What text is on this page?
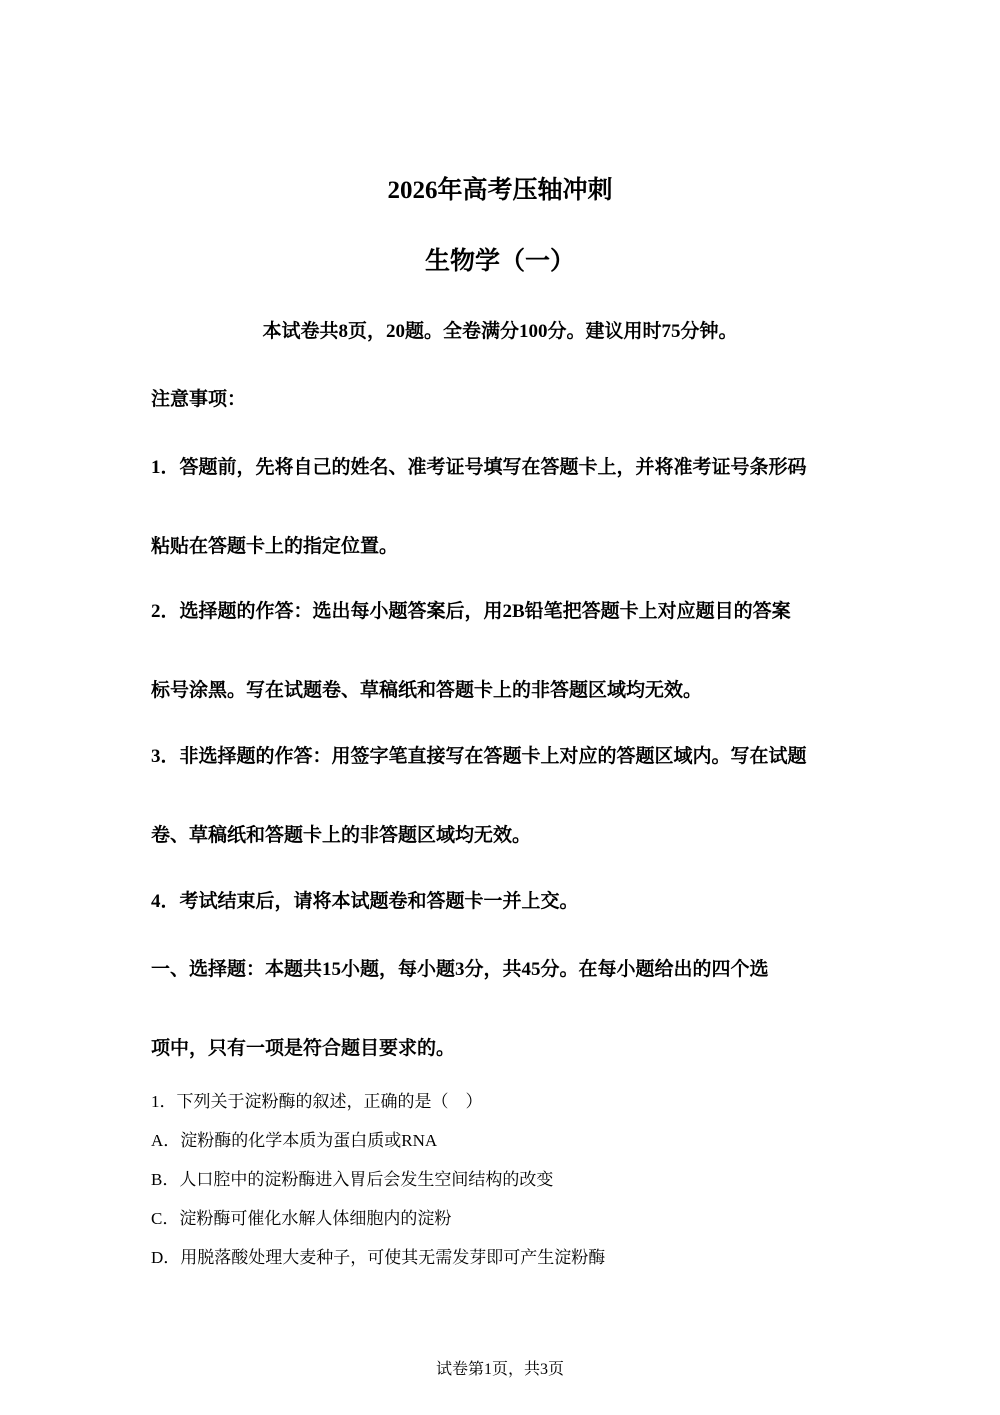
2026年高考压轴冲刺
生物学（一）
本试卷共8页，20题。全卷满分100分。建议用时75分钟。
注意事项：
1．答题前，先将自己的姓名、准考证号填写在答题卡上，并将准考证号条形码
粘贴在答题卡上的指定位置。
2．选择题的作答：选出每小题答案后，用2B铅笔把答题卡上对应题目的答案
标号涂黑。写在试题卷、草稿纸和答题卡上的非答题区域均无效。
3．非选择题的作答：用签字笔直接写在答题卡上对应的答题区域内。写在试题
卷、草稿纸和答题卡上的非答题区域均无效。
4．考试结束后，请将本试题卷和答题卡一并上交。
一、选择题：本题共15小题，每小题3分，共45分。在每小题给出的四个选
项中，只有一项是符合题目要求的。
1．下列关于淀粉酶的叙述，正确的是（　）
A．淀粉酶的化学本质为蛋白质或RNA
B．人口腔中的淀粉酶进入胃后会发生空间结构的改变
C．淀粉酶可催化水解人体细胞内的淀粉
D．用脱落酸处理大麦种子，可使其无需发芽即可产生淀粉酶
试卷第1页，共3页
